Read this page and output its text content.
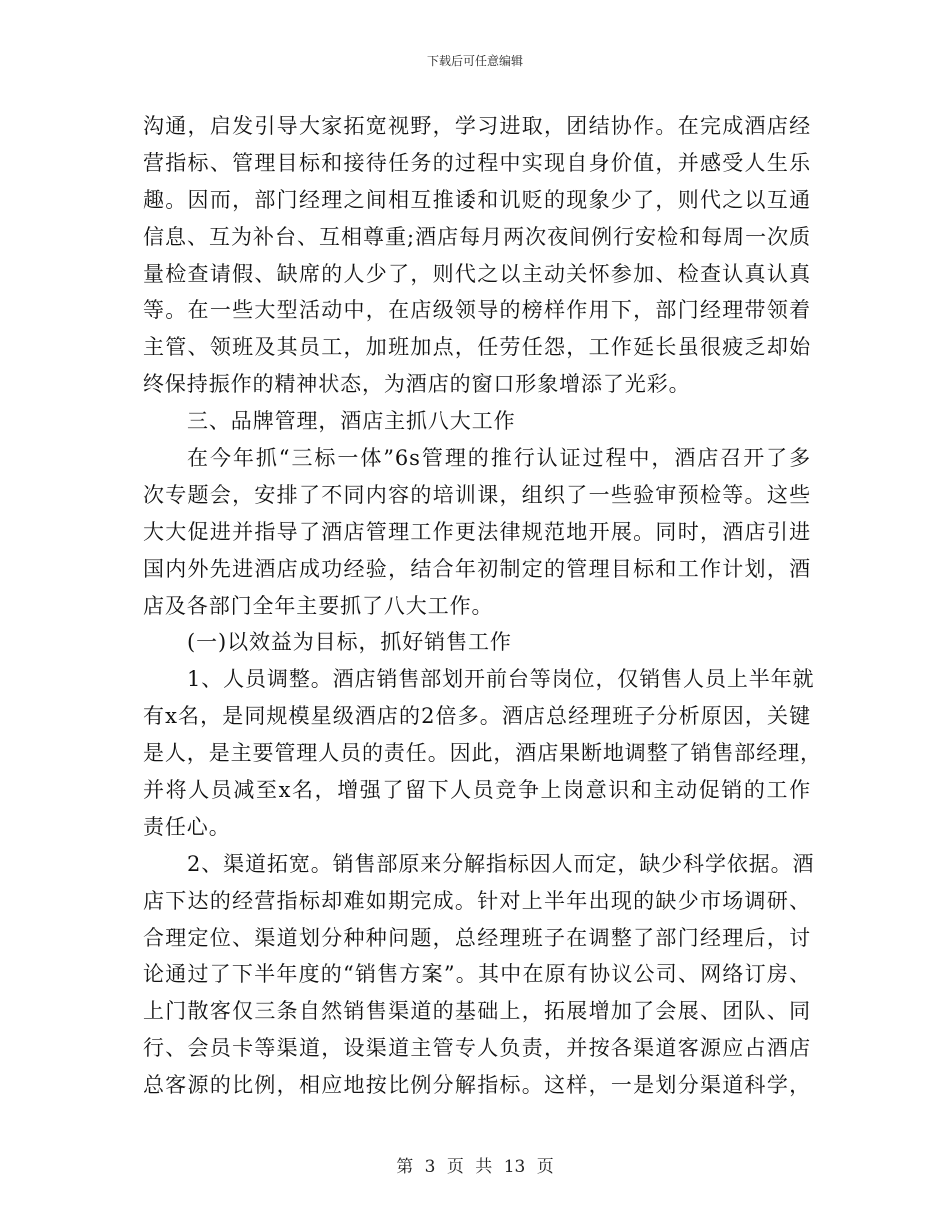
下载后可任意编辑
沟通，启发引导大家拓宽视野，学习进取，团结协作。在完成酒店经
营指标、管理目标和接待任务的过程中实现自身价值，并感受人生乐
趣。因而，部门经理之间相互推诿和讥贬的现象少了，则代之以互通
信息、互为补台、互相尊重;酒店每月两次夜间例行安检和每周一次质
量检查请假、缺席的人少了，则代之以主动关怀参加、检查认真认真
等。在一些大型活动中，在店级领导的榜样作用下，部门经理带领着
主管、领班及其员工，加班加点，任劳任怨，工作延长虽很疲乏却始
终保持振作的精神状态，为酒店的窗口形象增添了光彩。
三、品牌管理，酒店主抓八大工作
在今年抓“三标一体”6s管理的推行认证过程中，酒店召开了多
次专题会，安排了不同内容的培训课，组织了一些验审预检等。这些
大大促进并指导了酒店管理工作更法律规范地开展。同时，酒店引进
国内外先进酒店成功经验，结合年初制定的管理目标和工作计划，酒
店及各部门全年主要抓了八大工作。
(一)以效益为目标，抓好销售工作
1、人员调整。酒店销售部划开前台等岗位，仅销售人员上半年就
有x名，是同规模星级酒店的2倍多。酒店总经理班子分析原因，关键
是人，是主要管理人员的责任。因此，酒店果断地调整了销售部经理，
并将人员减至x名，增强了留下人员竞争上岗意识和主动促销的工作
责任心。
2、渠道拓宽。销售部原来分解指标因人而定，缺少科学依据。酒
店下达的经营指标却难如期完成。针对上半年出现的缺少市场调研、
合理定位、渠道划分种种问题，总经理班子在调整了部门经理后，讨
论通过了下半年度的“销售方案”。其中在原有协议公司、网络订房、
上门散客仅三条自然销售渠道的基础上，拓展增加了会展、团队、同
行、会员卡等渠道，设渠道主管专人负责，并按各渠道客源应占酒店
总客源的比例，相应地按比例分解指标。这样，一是划分渠道科学，
第 3 页 共 13 页
